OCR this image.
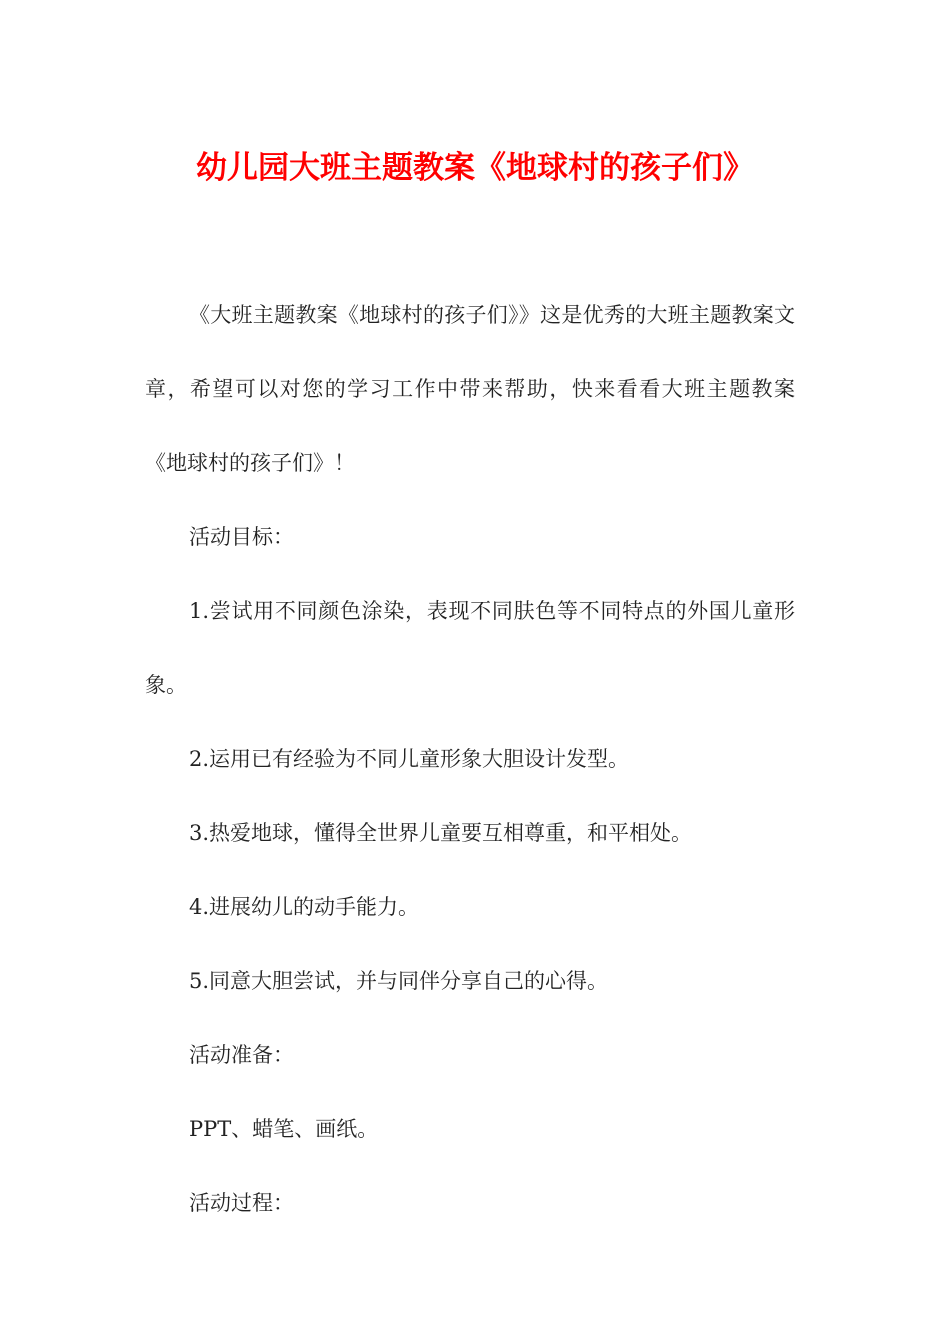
幼儿园大班主题教案《地球村的孩子们》

《大班主题教案《地球村的孩子们》》这是优秀的大班主题教案文章，希望可以对您的学习工作中带来帮助，快来看看大班主题教案《地球村的孩子们》！

活动目标：

1.尝试用不同颜色涂染，表现不同肤色等不同特点的外国儿童形象。

2.运用已有经验为不同儿童形象大胆设计发型。

3.热爱地球，懂得全世界儿童要互相尊重，和平相处。

4.进展幼儿的动手能力。

5.同意大胆尝试，并与同伴分享自己的心得。

活动准备：

PPT、蜡笔、画纸。

活动过程：
